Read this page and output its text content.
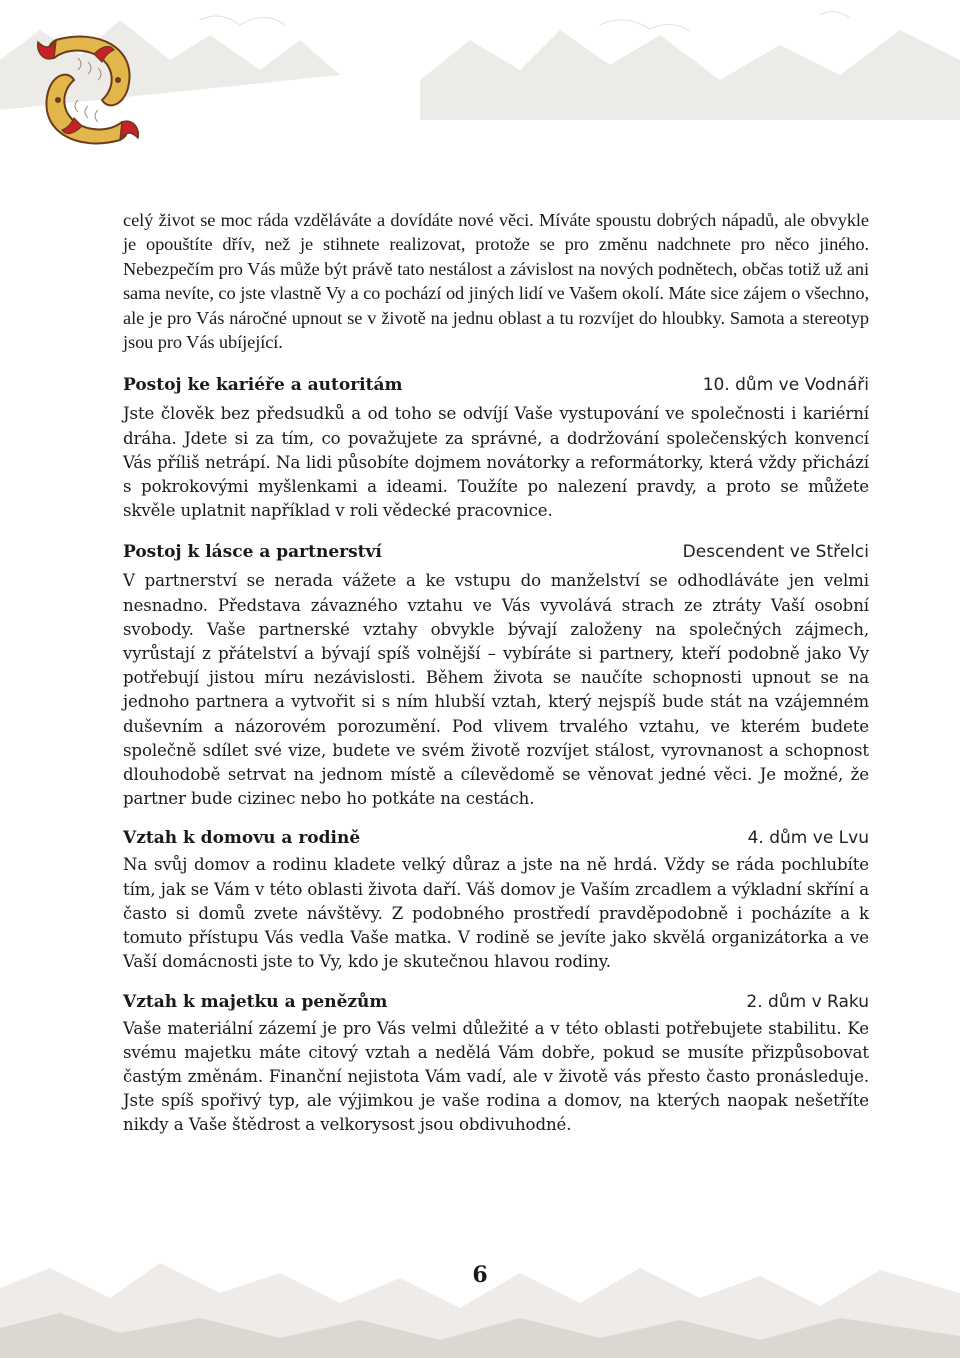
celý život se moc ráda vzděláváte a dovídáte nové věci. Míváte spoustu dobrých nápadů, ale obvykle je opouštíte dřív, než je stihnete realizovat, protože se pro změnu nadchnete pro něco jiného. Nebezpečím pro Vás může být právě tato nestálost a závislost na nových podnětech, občas totiž už ani sama nevíte, co jste vlastně Vy a co pochází od jiných lidí ve Vašem okolí. Máte sice zájem o všechno, ale je pro Vás náročné upnout se v životě na jednu oblast a tu rozvíjet do hloubky. Samota a stereotyp jsou pro Vás ubíjející.

Postoj ke kariéře a autoritám	10. dům ve Vodnáři

Jste člověk bez předsudků a od toho se odvíjí Vaše vystupování ve společnosti i kariérní dráha. Jdete si za tím, co považujete za správné, a dodržování společenských konvencí Vás příliš netrápí. Na lidi působíte dojmem novátorky a reformátorky, která vždy přichází s pokrokovými myšlenkami a ideami. Toužíte po nalezení pravdy, a proto se můžete skvěle uplatnit například v roli vědecké pracovnice.

Postoj k lásce a partnerství	Descendent ve Střelci

V partnerství se nerada vážete a ke vstupu do manželství se odhodláváte jen velmi nesnadno. Představa závazného vztahu ve Vás vyvolává strach ze ztráty Vaší osobní svobody. Vaše partnerské vztahy obvykle bývají založeny na společných zájmech, vyrůstají z přátelství a bývají spíš volnější – vybíráte si partnery, kteří podobně jako Vy potřebují jistou míru nezávislosti. Během života se naučíte schopnosti upnout se na jednoho partnera a vytvořit si s ním hlubší vztah, který nejspíš bude stát na vzájemném duševním a názorovém porozumění. Pod vlivem trvalého vztahu, ve kterém budete společně sdílet své vize, budete ve svém životě rozvíjet stálost, vyrovnanost a schopnost dlouhodobě setrvat na jednom místě a cílevědomě se věnovat jedné věci. Je možné, že partner bude cizinec nebo ho potkáte na cestách.

Vztah k domovu a rodině	4. dům ve Lvu

Na svůj domov a rodinu kladete velký důraz a jste na ně hrdá. Vždy se ráda pochlubíte tím, jak se Vám v této oblasti života daří. Váš domov je Vaším zrcadlem a výkladní skříní a často si domů zvete návštěvy. Z podobného prostředí pravděpodobně i pocházíte a k tomuto přístupu Vás vedla Vaše matka. V rodině se jevíte jako skvělá organizátorka a ve Vaší domácnosti jste to Vy, kdo je skutečnou hlavou rodiny.

Vztah k majetku a penězům	2. dům v Raku

Vaše materiální zázemí je pro Vás velmi důležité a v této oblasti potřebujete stabilitu. Ke svému majetku máte citový vztah a nedělá Vám dobře, pokud se musíte přizpůsobovat častým změnám. Finanční nejistota Vám vadí, ale v životě vás přesto často pronásleduje. Jste spíš spořivý typ, ale výjimkou je vaše rodina a domov, na kterých naopak nešetříte nikdy a Vaše štědrost a velkorysost jsou obdivuhodné.

6
